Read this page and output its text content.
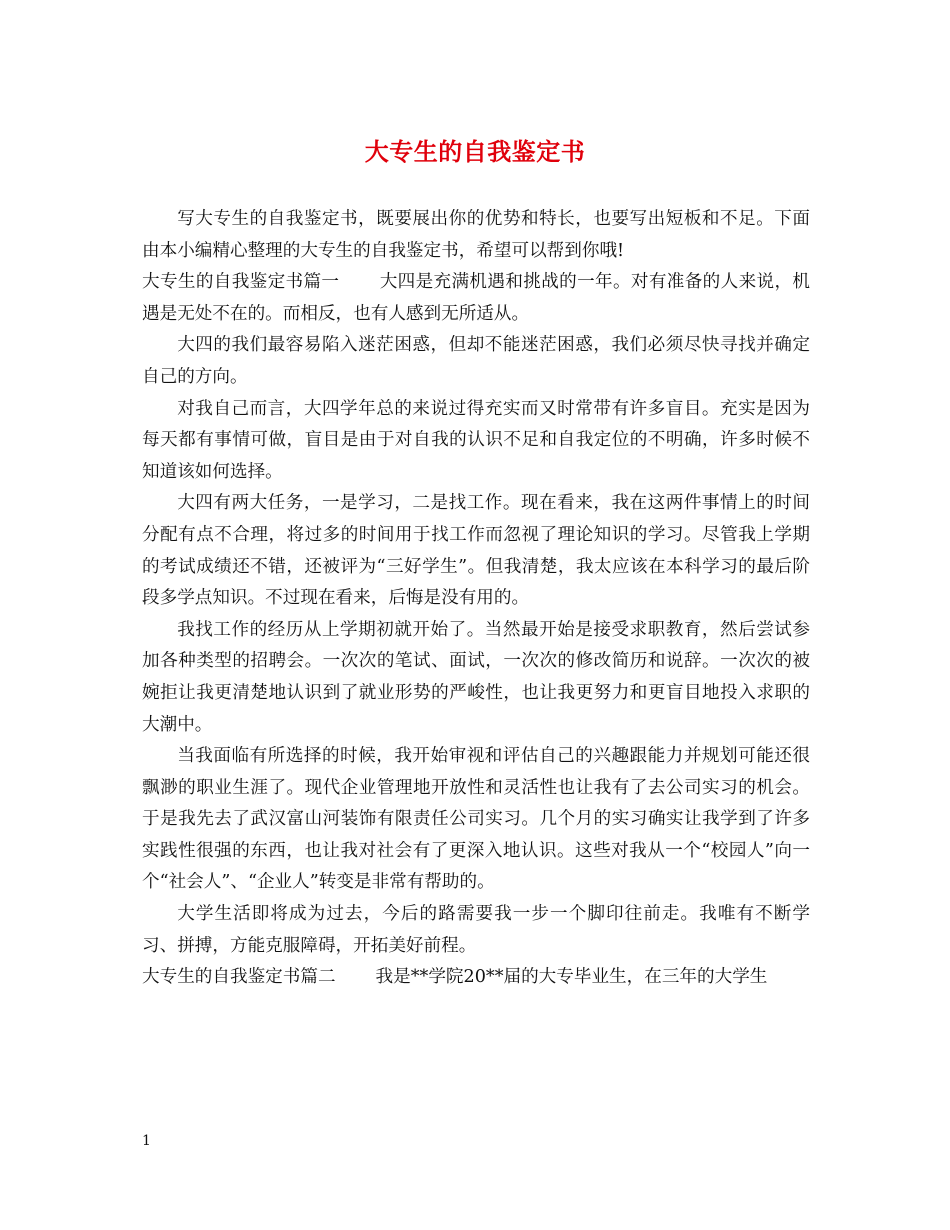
大专生的自我鉴定书

写大专生的自我鉴定书，既要展出你的优势和特长，也要写出短板和不足。下面由本小编精心整理的大专生的自我鉴定书，希望可以帮到你哦!

大专生的自我鉴定书篇一 大四是充满机遇和挑战的一年。对有准备的人来说，机遇是无处不在的。而相反，也有人感到无所适从。

大四的我们最容易陷入迷茫困惑，但却不能迷茫困惑，我们必须尽快寻找并确定自己的方向。

对我自己而言，大四学年总的来说过得充实而又时常带有许多盲目。充实是因为每天都有事情可做，盲目是由于对自我的认识不足和自我定位的不明确，许多时候不知道该如何选择。

大四有两大任务，一是学习，二是找工作。现在看来，我在这两件事情上的时间分配有点不合理，将过多的时间用于找工作而忽视了理论知识的学习。尽管我上学期的考试成绩还不错，还被评为“三好学生”。但我清楚，我太应该在本科学习的最后阶段多学点知识。不过现在看来，后悔是没有用的。

我找工作的经历从上学期初就开始了。当然最开始是接受求职教育，然后尝试参加各种类型的招聘会。一次次的笔试、面试，一次次的修改简历和说辞。一次次的被婉拒让我更清楚地认识到了就业形势的严峻性，也让我更努力和更盲目地投入求职的大潮中。

当我面临有所选择的时候，我开始审视和评估自己的兴趣跟能力并规划可能还很飘渺的职业生涯了。现代企业管理地开放性和灵活性也让我有了去公司实习的机会。于是我先去了武汉富山河装饰有限责任公司实习。几个月的实习确实让我学到了许多实践性很强的东西，也让我对社会有了更深入地认识。这些对我从一个“校园人”向一个“社会人”、“企业人”转变是非常有帮助的。

大学生活即将成为过去，今后的路需要我一步一个脚印往前走。我唯有不断学习、拼搏，方能克服障碍，开拓美好前程。

大专生的自我鉴定书篇二 我是**学院20**届的大专毕业生，在三年的大学生

1
